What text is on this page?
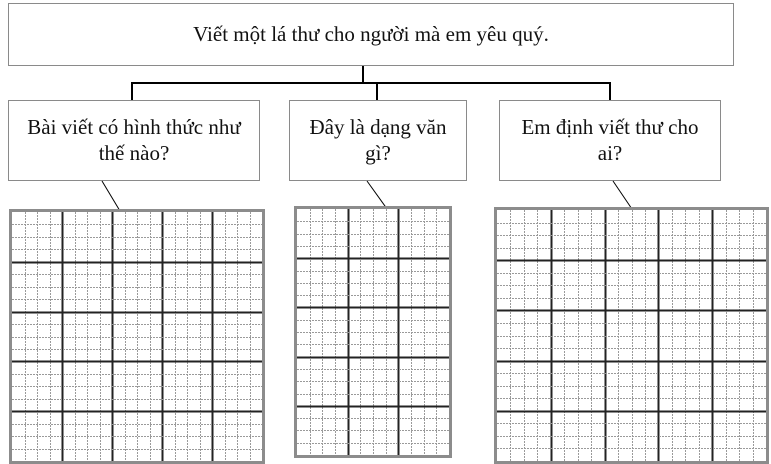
Viết một lá thư cho người mà em yêu quý.
Bài viết có hình thức như thế nào?
Đây là dạng văn gì?
Em định viết thư cho ai?
